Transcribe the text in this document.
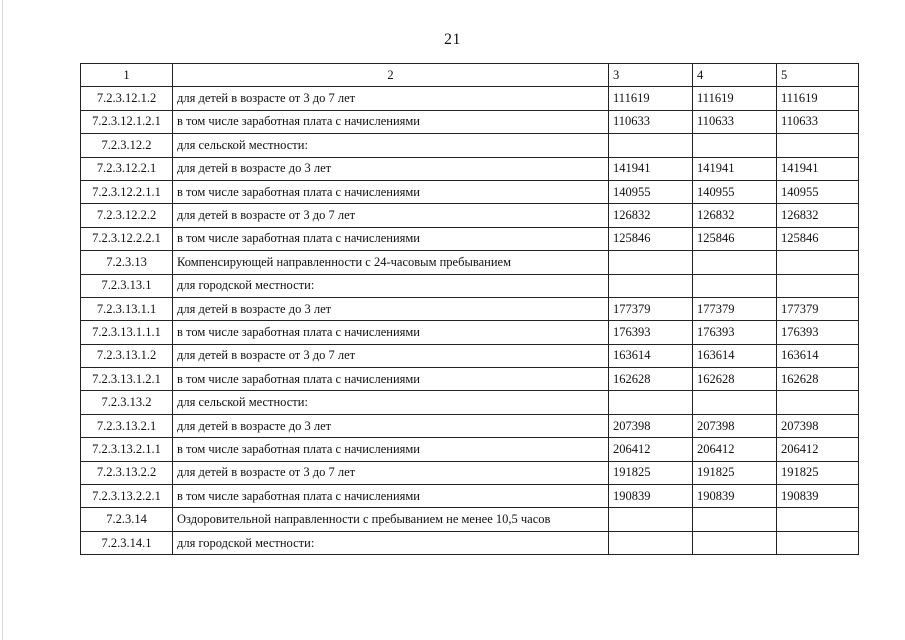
21
1	2	3	4	5
7.2.3.12.1.2	для детей в возрасте от 3 до 7 лет	111619	111619	111619
7.2.3.12.1.2.1	в том числе заработная плата с начислениями	110633	110633	110633
7.2.3.12.2	для сельской местности:			
7.2.3.12.2.1	для детей в возрасте до 3 лет	141941	141941	141941
7.2.3.12.2.1.1	в том числе заработная плата с начислениями	140955	140955	140955
7.2.3.12.2.2	для детей в возрасте от 3 до 7 лет	126832	126832	126832
7.2.3.12.2.2.1	в том числе заработная плата с начислениями	125846	125846	125846
7.2.3.13	Компенсирующей направленности с 24-часовым пребыванием			
7.2.3.13.1	для городской местности:			
7.2.3.13.1.1	для детей в возрасте до 3 лет	177379	177379	177379
7.2.3.13.1.1.1	в том числе заработная плата с начислениями	176393	176393	176393
7.2.3.13.1.2	для детей в возрасте от 3 до 7 лет	163614	163614	163614
7.2.3.13.1.2.1	в том числе заработная плата с начислениями	162628	162628	162628
7.2.3.13.2	для сельской местности:			
7.2.3.13.2.1	для детей в возрасте до 3 лет	207398	207398	207398
7.2.3.13.2.1.1	в том числе заработная плата с начислениями	206412	206412	206412
7.2.3.13.2.2	для детей в возрасте от 3 до 7 лет	191825	191825	191825
7.2.3.13.2.2.1	в том числе заработная плата с начислениями	190839	190839	190839
7.2.3.14	Оздоровительной направленности с пребыванием не менее 10,5 часов			
7.2.3.14.1	для городской местности:			
